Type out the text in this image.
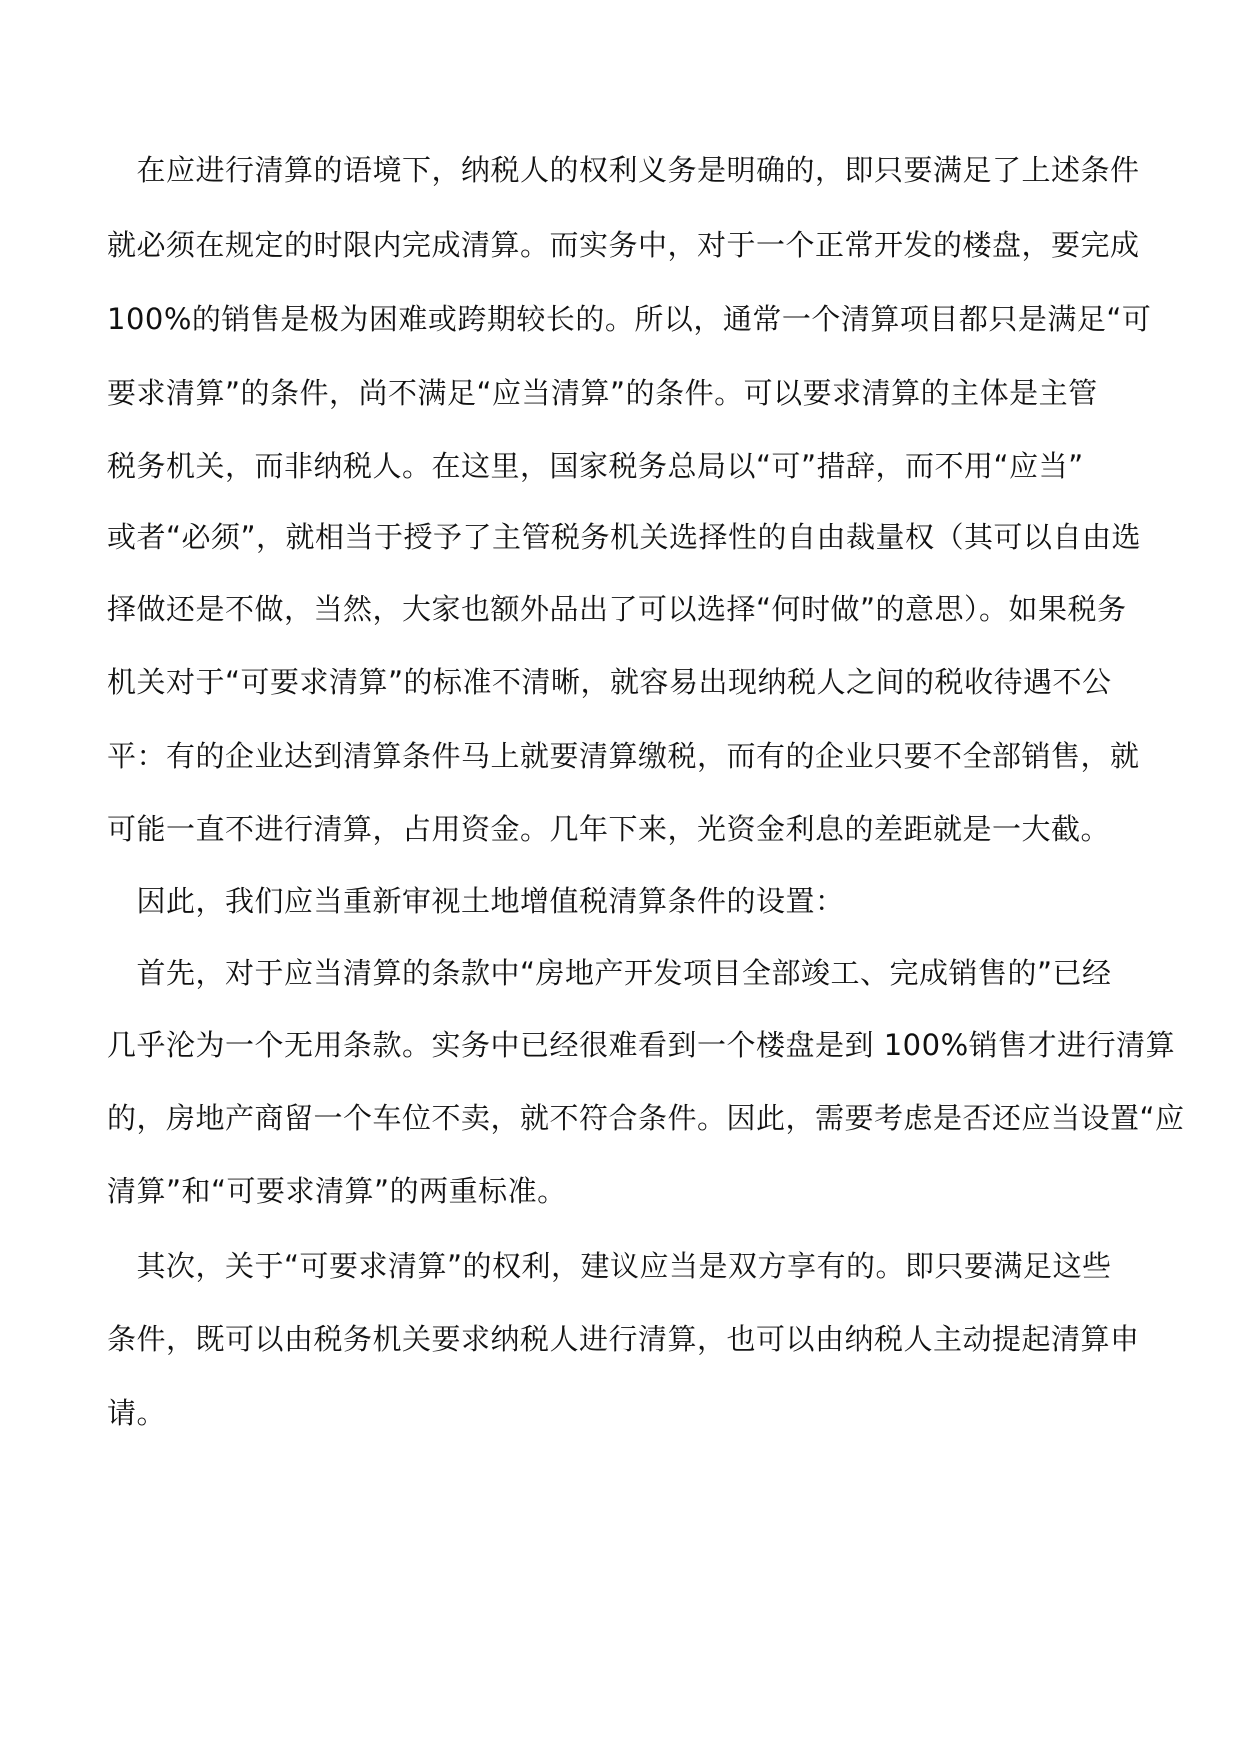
　在应进行清算的语境下，纳税人的权利义务是明确的，即只要满足了上述条件
就必须在规定的时限内完成清算。而实务中，对于一个正常开发的楼盘，要完成
100%的销售是极为困难或跨期较长的。所以，通常一个清算项目都只是满足“可
要求清算”的条件，尚不满足“应当清算”的条件。可以要求清算的主体是主管
税务机关，而非纳税人。在这里，国家税务总局以“可”措辞，而不用“应当”
或者“必须”，就相当于授予了主管税务机关选择性的自由裁量权（其可以自由选
择做还是不做，当然，大家也额外品出了可以选择“何时做”的意思）。如果税务
机关对于“可要求清算”的标准不清晰，就容易出现纳税人之间的税收待遇不公
平：有的企业达到清算条件马上就要清算缴税，而有的企业只要不全部销售，就
可能一直不进行清算，占用资金。几年下来，光资金利息的差距就是一大截。
　因此，我们应当重新审视土地增值税清算条件的设置：
　首先，对于应当清算的条款中“房地产开发项目全部竣工、完成销售的”已经
几乎沦为一个无用条款。实务中已经很难看到一个楼盘是到 100%销售才进行清算
的，房地产商留一个车位不卖，就不符合条件。因此，需要考虑是否还应当设置“应
清算”和“可要求清算”的两重标准。
　其次，关于“可要求清算”的权利，建议应当是双方享有的。即只要满足这些
条件，既可以由税务机关要求纳税人进行清算，也可以由纳税人主动提起清算申
请。
